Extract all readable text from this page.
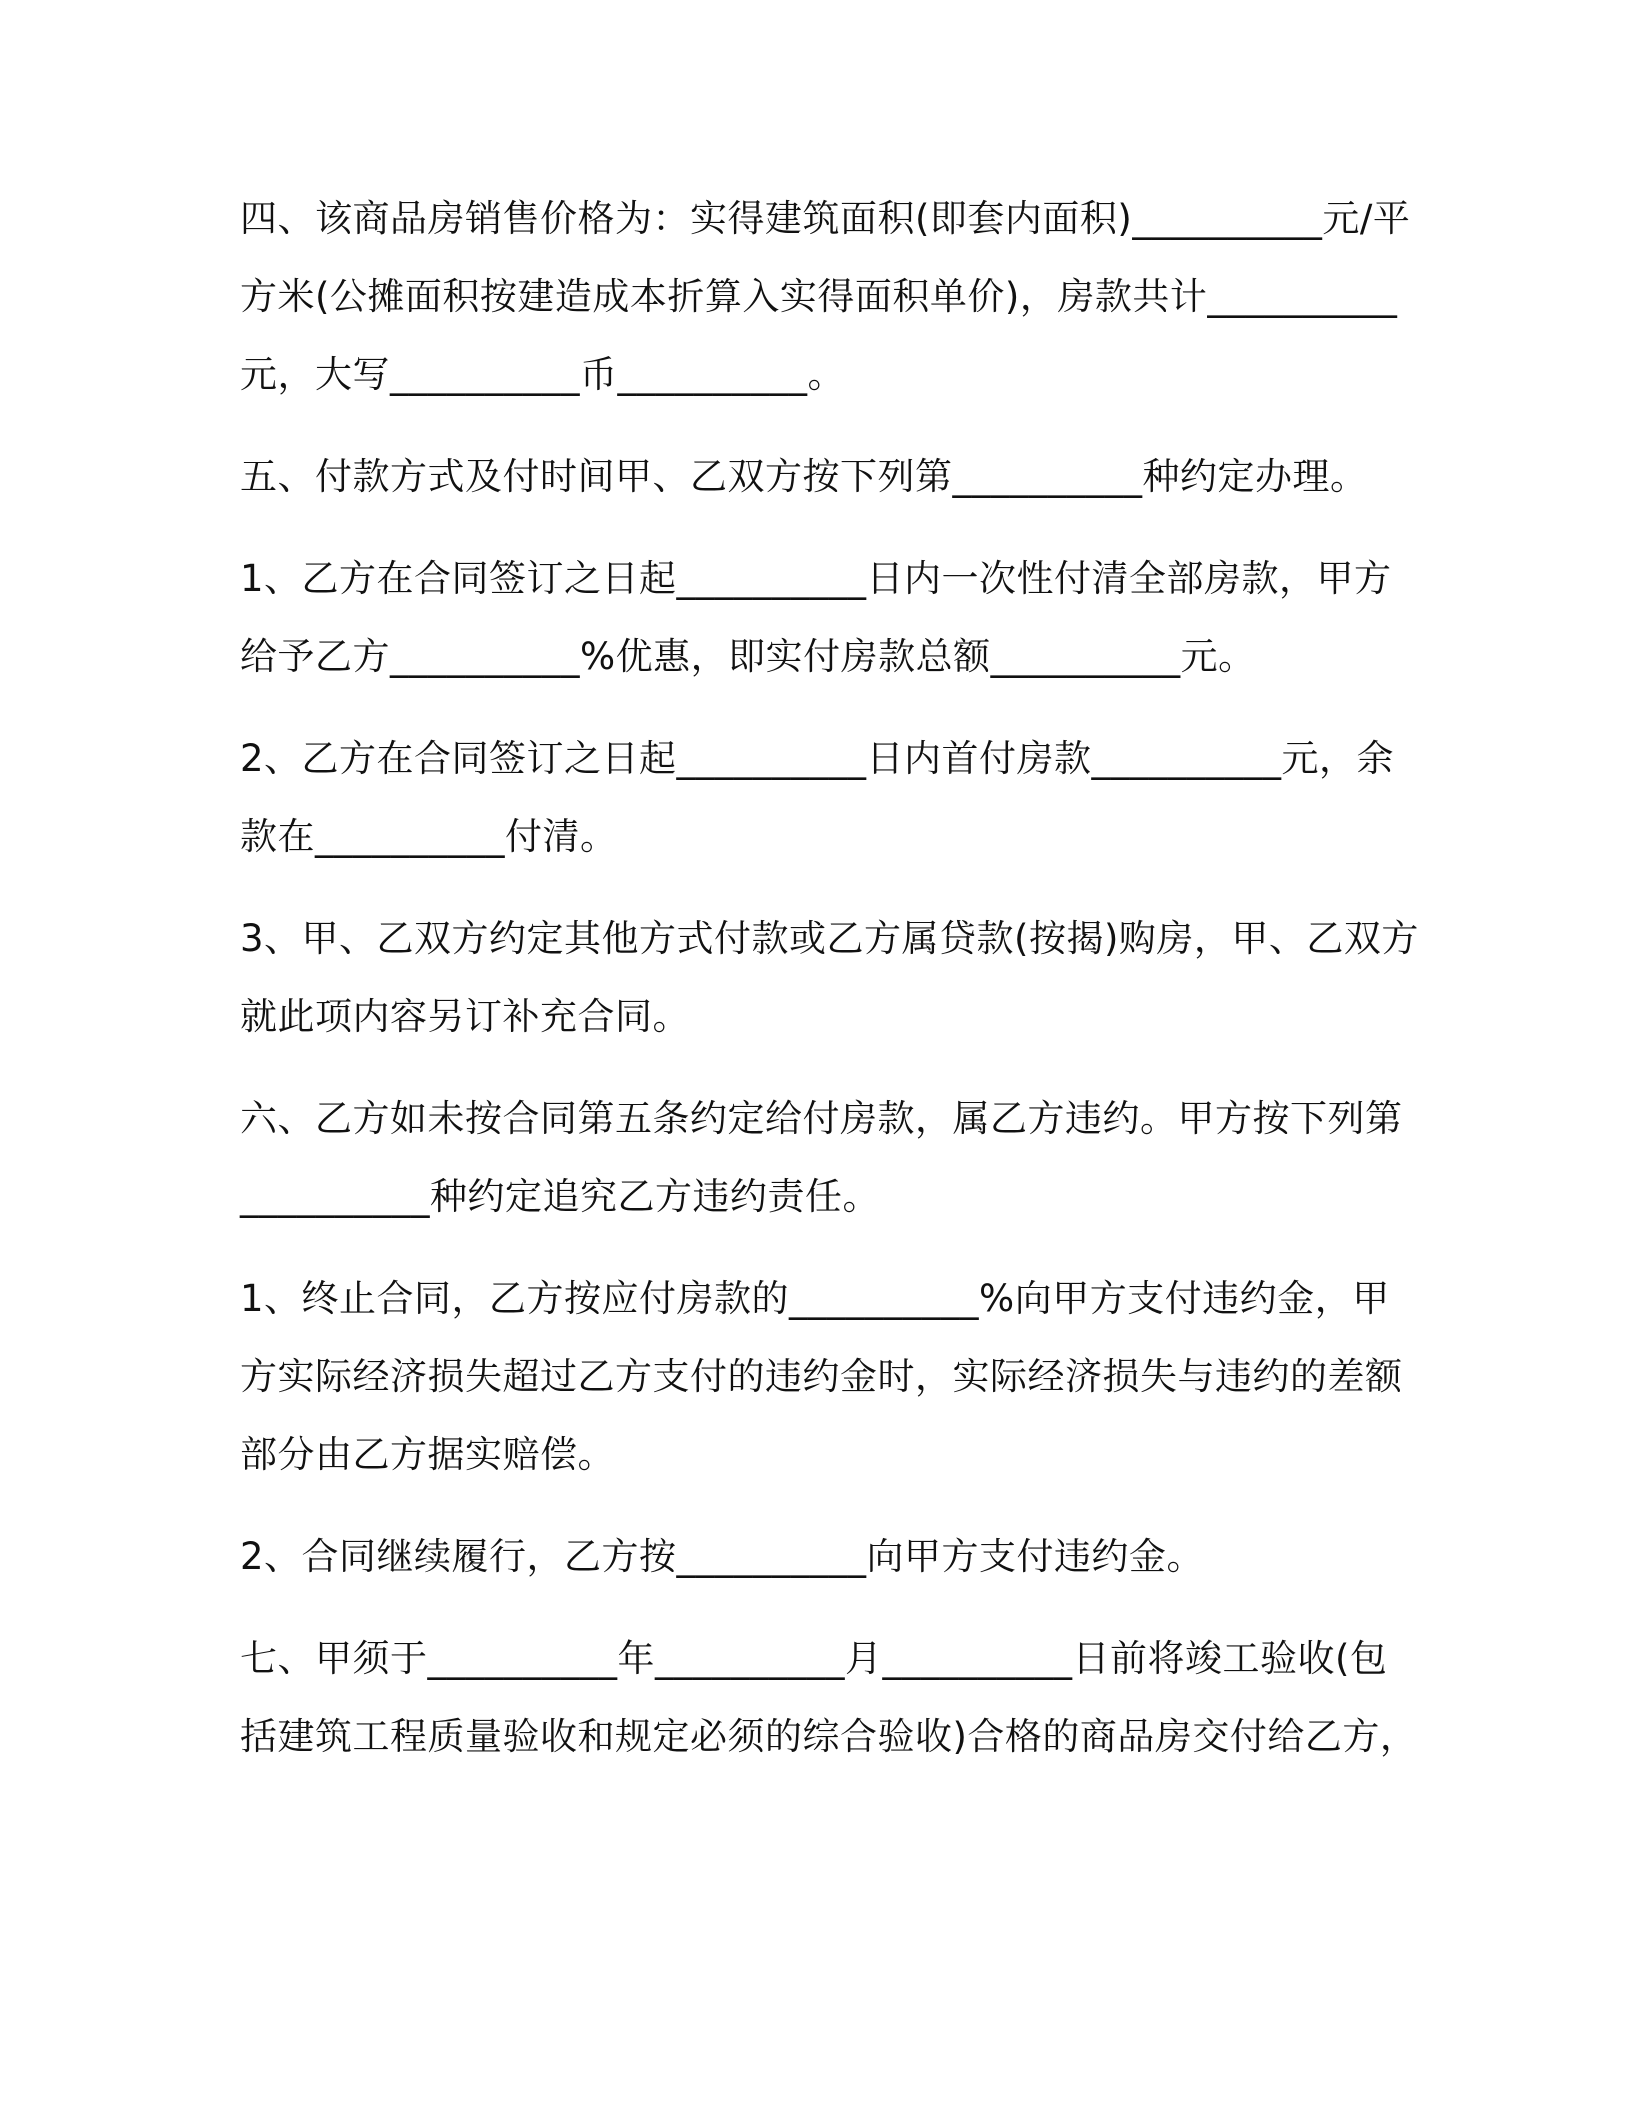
四、该商品房销售价格为：实得建筑面积(即套内面积)__________元/平方米(公摊面积按建造成本折算入实得面积单价)，房款共计__________元，大写__________币__________。

五、付款方式及付时间甲、乙双方按下列第__________种约定办理。

1、乙方在合同签订之日起__________日内一次性付清全部房款，甲方给予乙方__________%优惠，即实付房款总额__________元。

2、乙方在合同签订之日起__________日内首付房款__________元，余款在__________付清。

3、甲、乙双方约定其他方式付款或乙方属贷款(按揭)购房，甲、乙双方就此项内容另订补充合同。

六、乙方如未按合同第五条约定给付房款，属乙方违约。甲方按下列第__________种约定追究乙方违约责任。

1、终止合同，乙方按应付房款的__________%向甲方支付违约金，甲方实际经济损失超过乙方支付的违约金时，实际经济损失与违约的差额部分由乙方据实赔偿。

2、合同继续履行，乙方按__________向甲方支付违约金。

七、甲须于__________年__________月__________日前将竣工验收(包括建筑工程质量验收和规定必须的综合验收)合格的商品房交付给乙方，
